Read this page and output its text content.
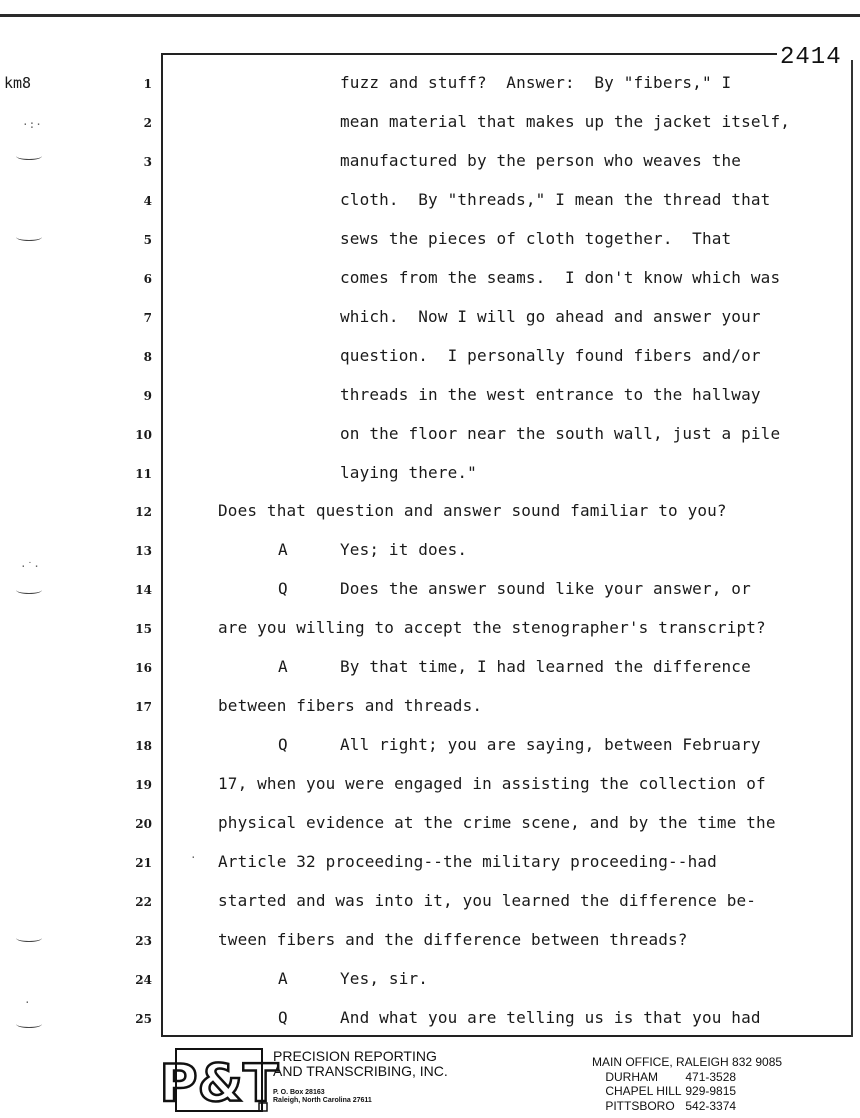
km8
2414
·:·
·˙·
·
·
1	fuzz and stuff?  Answer:  By "fibers," I
2	mean material that makes up the jacket itself,
3	manufactured by the person who weaves the
4	cloth.  By "threads," I mean the thread that
5	sews the pieces of cloth together.  That
6	comes from the seams.  I don't know which was
7	which.  Now I will go ahead and answer your
8	question.  I personally found fibers and/or
9	threads in the west entrance to the hallway
10	on the floor near the south wall, just a pile
11	laying there."
12	Does that question and answer sound familiar to you?
13	A	Yes; it does.
14	Q	Does the answer sound like your answer, or
15	are you willing to accept the stenographer's transcript?
16	A	By that time, I had learned the difference
17	between fibers and threads.
18	Q	All right; you are saying, between February
19	17, when you were engaged in assisting the collection of
20	physical evidence at the crime scene, and by the time the
21	Article 32 proceeding--the military proceeding--had
22	started and was into it, you learned the difference be-
23	tween fibers and the difference between threads?
24	A	Yes, sir.
25	Q	And what you are telling us is that you had
P&T
PRECISION REPORTING
AND TRANSCRIBING, INC.
P. O. Box 28163
Raleigh, North Carolina 27611
MAIN OFFICE, RALEIGH 832 9085
DURHAM 471-3528
CHAPEL HILL 929-9815
PITTSBORO 542-3374
